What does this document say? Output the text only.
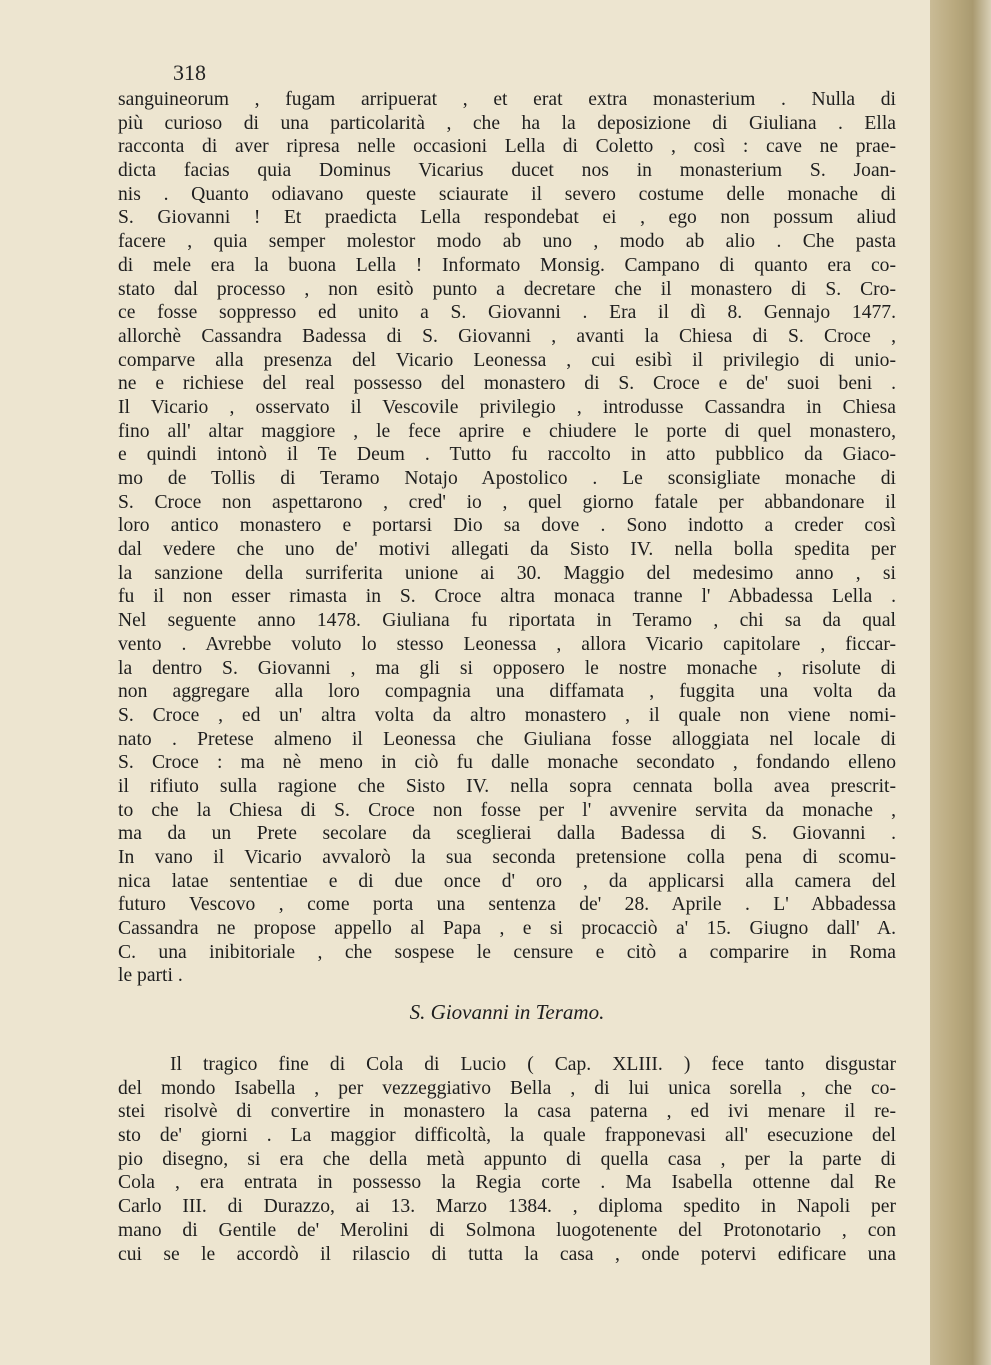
318
sanguineorum , fugam arripuerat , et erat extra monasterium . Nulla di
più curioso di una particolarità , che ha la deposizione di Giuliana . Ella
racconta di aver ripresa nelle occasioni Lella di Coletto , così : cave ne prae-
dicta facias quia Dominus Vicarius ducet nos in monasterium S. Joan-
nis . Quanto odiavano queste sciaurate il severo costume delle monache di
S. Giovanni ! Et praedicta Lella respondebat ei , ego non possum aliud
facere , quia semper molestor modo ab uno , modo ab alio . Che pasta
di mele era la buona Lella ! Informato Monsig. Campano di quanto era co-
stato dal processo , non esitò punto a decretare che il monastero di S. Cro-
ce fosse soppresso ed unito a S. Giovanni . Era il dì 8. Gennajo 1477.
allorchè Cassandra Badessa di S. Giovanni , avanti la Chiesa di S. Croce ,
comparve alla presenza del Vicario Leonessa , cui esibì il privilegio di unio-
ne e richiese del real possesso del monastero di S. Croce e de' suoi beni .
Il Vicario , osservato il Vescovile privilegio , introdusse Cassandra in Chiesa
fino all' altar maggiore , le fece aprire e chiudere le porte di quel monastero,
e quindi intonò il Te Deum . Tutto fu raccolto in atto pubblico da Giaco-
mo de Tollis di Teramo Notajo Apostolico . Le sconsigliate monache di
S. Croce non aspettarono , cred' io , quel giorno fatale per abbandonare il
loro antico monastero e portarsi Dio sa dove . Sono indotto a creder così
dal vedere che uno de' motivi allegati da Sisto IV. nella bolla spedita per
la sanzione della surriferita unione ai 30. Maggio del medesimo anno , si
fu il non esser rimasta in S. Croce altra monaca tranne l' Abbadessa Lella .
Nel seguente anno 1478. Giuliana fu riportata in Teramo , chi sa da qual
vento . Avrebbe voluto lo stesso Leonessa , allora Vicario capitolare , ficcar-
la dentro S. Giovanni , ma gli si opposero le nostre monache , risolute di
non aggregare alla loro compagnia una diffamata , fuggita una volta da
S. Croce , ed un' altra volta da altro monastero , il quale non viene nomi-
nato . Pretese almeno il Leonessa che Giuliana fosse alloggiata nel locale di
S. Croce : ma nè meno in ciò fu dalle monache secondato , fondando elleno
il rifiuto sulla ragione che Sisto IV. nella sopra cennata bolla avea prescrit-
to che la Chiesa di S. Croce non fosse per l' avvenire servita da monache ,
ma da un Prete secolare da sceglierai dalla Badessa di S. Giovanni .
In vano il Vicario avvalorò la sua seconda pretensione colla pena di scomu-
nica latae sententiae e di due once d' oro , da applicarsi alla camera del
futuro Vescovo , come porta una sentenza de' 28. Aprile . L' Abbadessa
Cassandra ne propose appello al Papa , e si procacciò a' 15. Giugno dall' A.
C. una inibitoriale , che sospese le censure e citò a comparire in Roma
le parti .
S. Giovanni in Teramo.
Il tragico fine di Cola di Lucio ( Cap. XLIII. ) fece tanto disgustar
del mondo Isabella , per vezzeggiativo Bella , di lui unica sorella , che co-
stei risolvè di convertire in monastero la casa paterna , ed ivi menare il re-
sto de' giorni . La maggior difficoltà, la quale frapponevasi all' esecuzione del
pio disegno, si era che della metà appunto di quella casa , per la parte di
Cola , era entrata in possesso la Regia corte . Ma Isabella ottenne dal Re
Carlo III. di Durazzo, ai 13. Marzo 1384. , diploma spedito in Napoli per
mano di Gentile de' Merolini di Solmona luogotenente del Protonotario , con
cui se le accordò il rilascio di tutta la casa , onde potervi edificare una
